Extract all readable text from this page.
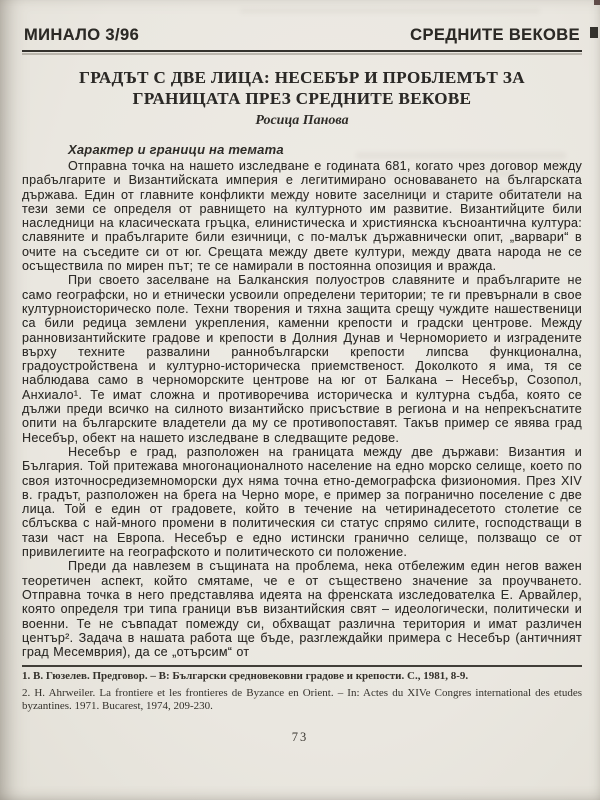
МИНАЛО 3/96	СРЕДНИТЕ ВЕКОВЕ
ГРАДЪТ С ДВЕ ЛИЦА: НЕСЕБЪР И ПРОБЛЕМЪТ ЗА ГРАНИЦАТА ПРЕЗ СРЕДНИТЕ ВЕКОВЕ
Росица Панова
Характер и граници на темата

Отправна точка на нашето изследване е годината 681, когато чрез договор между прабългарите и Византийската империя е легитимирано основаването на българската държава. Един от главните конфликти между новите заселници и старите обитатели на тези земи се определя от равнището на културното им развитие. Византийците били наследници на класическата гръцка, елинистическа и християнска късноантична култура: славяните и прабългарите били езичници, с по-малък държавнически опит, „варвари“ в очите на съседите си от юг. Срещата между двете култури, между двата народа не се осъществила по мирен път; те се намирали в постоянна опозиция и вражда.

При своето заселване на Балканския полуостров славяните и прабългарите не само географски, но и етнически усвоили определени територии; те ги превърнали в свое културноисторическо поле. Техни творения и тяхна защита срещу чуждите нашественици са били редица землени укрепления, каменни крепости и градски центрове. Между ранновизантийските градове и крепости в Долния Дунав и Черноморието и изградените върху техните развалини раннобългарски крепости липсва функционална, градоустройствена и културно-историческа приемственост. Доколкото я има, тя се наблюдава само в черноморските центрове на юг от Балкана – Несебър, Созопол, Анхиало¹. Те имат сложна и противоречива историческа и културна съдба, която се дължи преди всичко на силното византийско присъствие в региона и на непрекъснатите опити на българските владетели да му се противопоставят. Такъв пример се явява град Несебър, обект на нашето изследване в следващите редове.

Несебър е град, разположен на границата между две държави: Византия и България. Той притежава многонационалното население на едно морско селище, което по своя източносредиземноморски дух няма точна етно-демографска физиономия. През XIV в. градът, разположен на брега на Черно море, е пример за погранично поселение с две лица. Той е един от градовете, който в течение на четиринадесетото столетие се сблъсква с най-много промени в политическия си статус спрямо силите, господстващи в тази част на Европа. Несебър е едно истински гранично селище, ползващо се от привилегиите на географското и политическото си положение.

Преди да навлезем в същината на проблема, нека отбележим един негов важен теоретичен аспект, който смятаме, че е от съществено значение за проучването. Отправна точка в него представлява идеята на френската изследователка Е. Арвайлер, която определя три типа граници във византийския свят – идеологически, политически и военни. Те не съвпадат помежду си, обхващат различна територия и имат различен център². Задача в нашата работа ще бъде, разглеждайки примера с Несебър (античният град Месемврия), да се „отърсим“ от

1. В. Гюзелев. Предговор. – В: Български средновековни градове и крепости. С., 1981, 8-9.

2. H. Ahrweiler. La frontiere et les frontieres de Byzance en Orient. – In: Actes du XIVe Congres international des etudes byzantines. 1971. Bucarest, 1974, 209-230.

73
